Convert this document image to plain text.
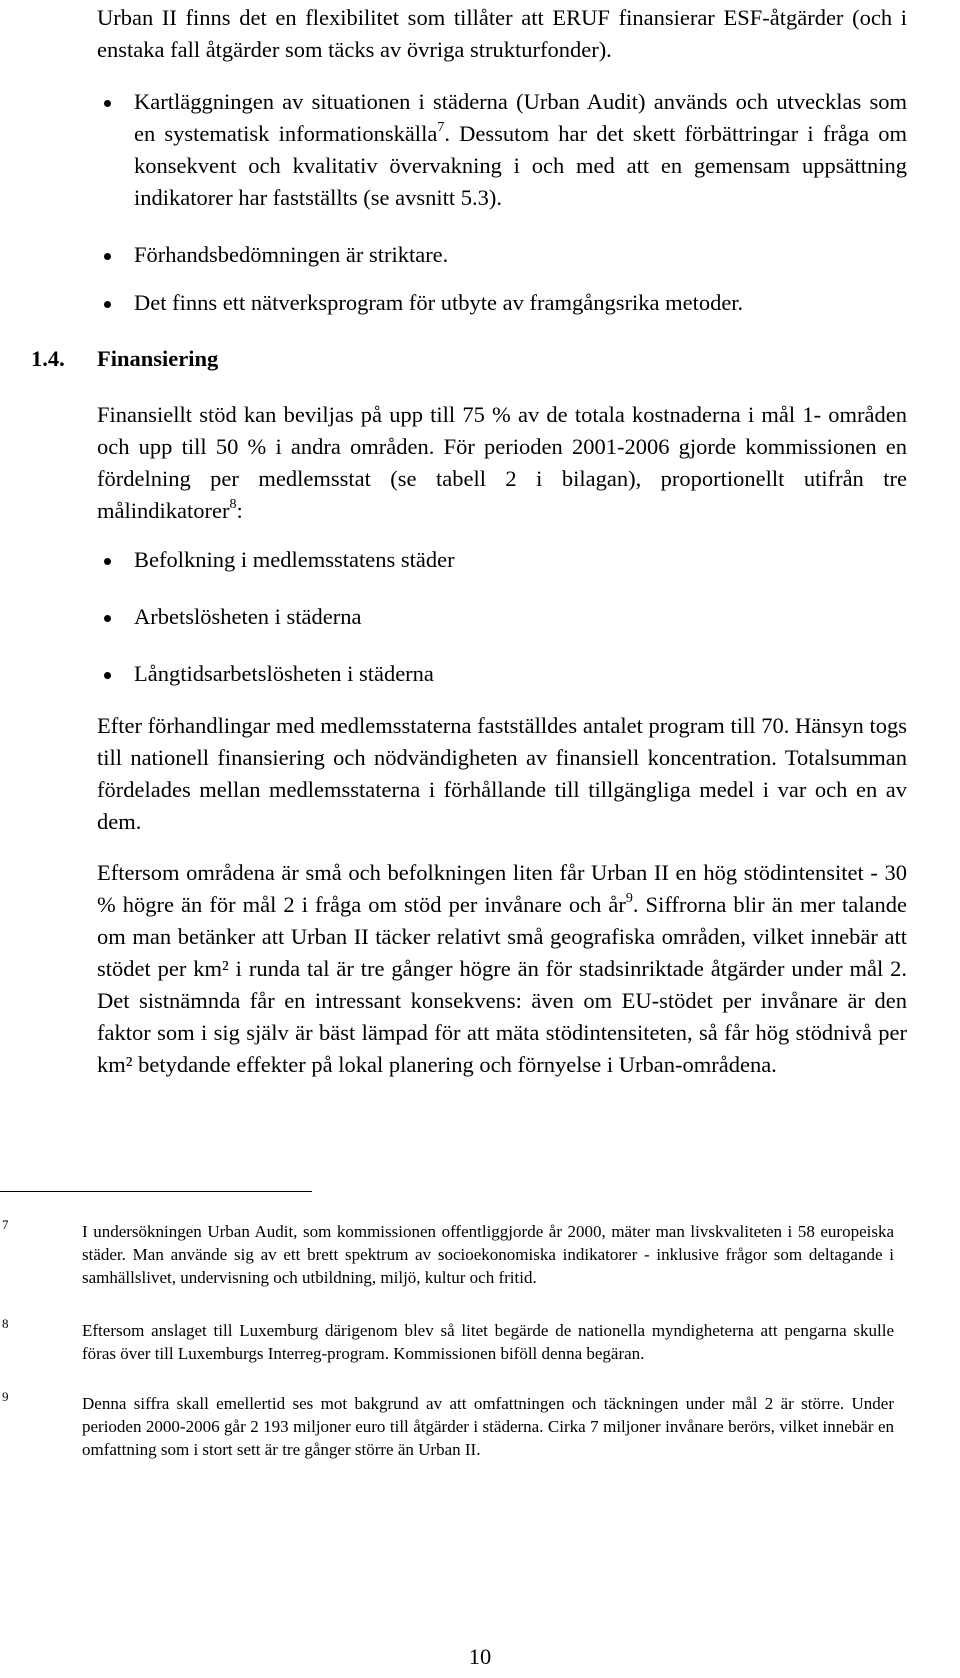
Urban II finns det en flexibilitet som tillåter att ERUF finansierar ESF-åtgärder (och i enstaka fall åtgärder som täcks av övriga strukturfonder).
Kartläggningen av situationen i städerna (Urban Audit) används och utvecklas som en systematisk informationskälla$^7$. Dessutom har det skett förbättringar i fråga om konsekvent och kvalitativ övervakning i och med att en gemensam uppsättning indikatorer har fastställts (se avsnitt 5.3).
Förhandsbedömningen är striktare.
Det finns ett nätverksprogram för utbyte av framgångsrika metoder.
1.4. Finansiering
Finansiellt stöd kan beviljas på upp till 75 % av de totala kostnaderna i mål 1- områden och upp till 50 % i andra områden. För perioden 2001-2006 gjorde kommissionen en fördelning per medlemsstat (se tabell 2 i bilagan), proportionellt utifrån tre målindikatorer$^8$:
Befolkning i medlemsstatens städer
Arbetslösheten i städerna
Långtidsarbetslösheten i städerna
Efter förhandlingar med medlemsstaterna fastställdes antalet program till 70. Hänsyn togs till nationell finansiering och nödvändigheten av finansiell koncentration. Totalsumman fördelades mellan medlemsstaterna i förhållande till tillgängliga medel i var och en av dem.
Eftersom områdena är små och befolkningen liten får Urban II en hög stödintensitet - 30 % högre än för mål 2 i fråga om stöd per invånare och $år^9$. Siffrorna blir än mer talande om man betänker att Urban II täcker relativt små geografiska områden, vilket innebär att stödet per km² i runda tal är tre gånger högre än för stadsinriktade åtgärder under mål 2. Det sistnämnda får en intressant konsekvens: även om EU-stödet per invånare är den faktor som i sig själv är bäst lämpad för att mäta stödintensiteten, så får hög stödnivå per km² betydande effekter på lokal planering och förnyelse i Urban-områdena.
7	I undersökningen Urban Audit, som kommissionen offentliggjorde år 2000, mäter man livskvaliteten i 58 europeiska städer. Man använde sig av ett brett spektrum av socioekonomiska indikatorer - inklusive frågor som deltagande i samhällslivet, undervisning och utbildning, miljö, kultur och fritid.
8	Eftersom anslaget till Luxemburg därigenom blev så litet begärde de nationella myndigheterna att pengarna skulle föras över till Luxemburgs Interreg-program. Kommissionen biföll denna begäran.
9	Denna siffra skall emellertid ses mot bakgrund av att omfattningen och täckningen under mål 2 är större. Under perioden 2000-2006 går 2 193 miljoner euro till åtgärder i städerna. Cirka 7 miljoner invånare berörs, vilket innebär en omfattning som i stort sett är tre gånger större än Urban II.
10
